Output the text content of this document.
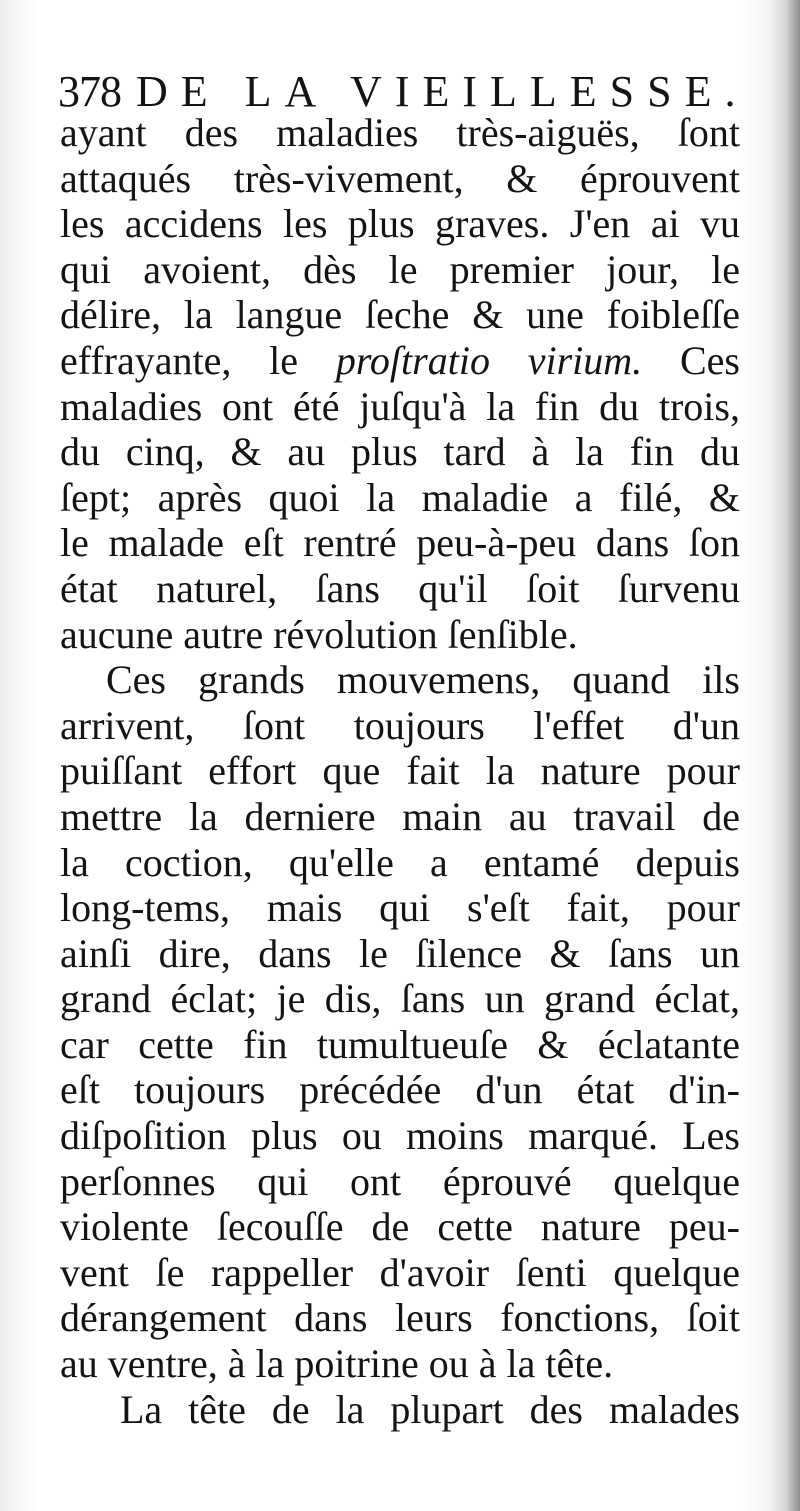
378 DE LA VIEILLESSE.
ayant des maladies très-aiguës, ſont
attaqués très-vivement, & éprouvent
les accidens les plus graves. J'en ai vu
qui avoient, dès le premier jour, le
délire, la langue ſeche & une foibleſſe
effrayante, le proſtratio virium. Ces
maladies ont été juſqu'à la fin du trois,
du cinq, & au plus tard à la fin du
ſept; après quoi la maladie a filé, &
le malade eſt rentré peu-à-peu dans ſon
état naturel, ſans qu'il ſoit ſurvenu
aucune autre révolution ſenſible.
Ces grands mouvemens, quand ils
arrivent, ſont toujours l'effet d'un
puiſſant effort que fait la nature pour
mettre la derniere main au travail de
la coction, qu'elle a entamé depuis
long-tems, mais qui s'eſt fait, pour
ainſi dire, dans le ſilence & ſans un
grand éclat; je dis, ſans un grand éclat,
car cette fin tumultueuſe & éclatante
eſt toujours précédée d'un état d'in-
diſpoſition plus ou moins marqué. Les
perſonnes qui ont éprouvé quelque
violente ſecouſſe de cette nature peu-
vent ſe rappeller d'avoir ſenti quelque
dérangement dans leurs fonctions, ſoit
au ventre, à la poitrine ou à la tête.
La tête de la plupart des malades
